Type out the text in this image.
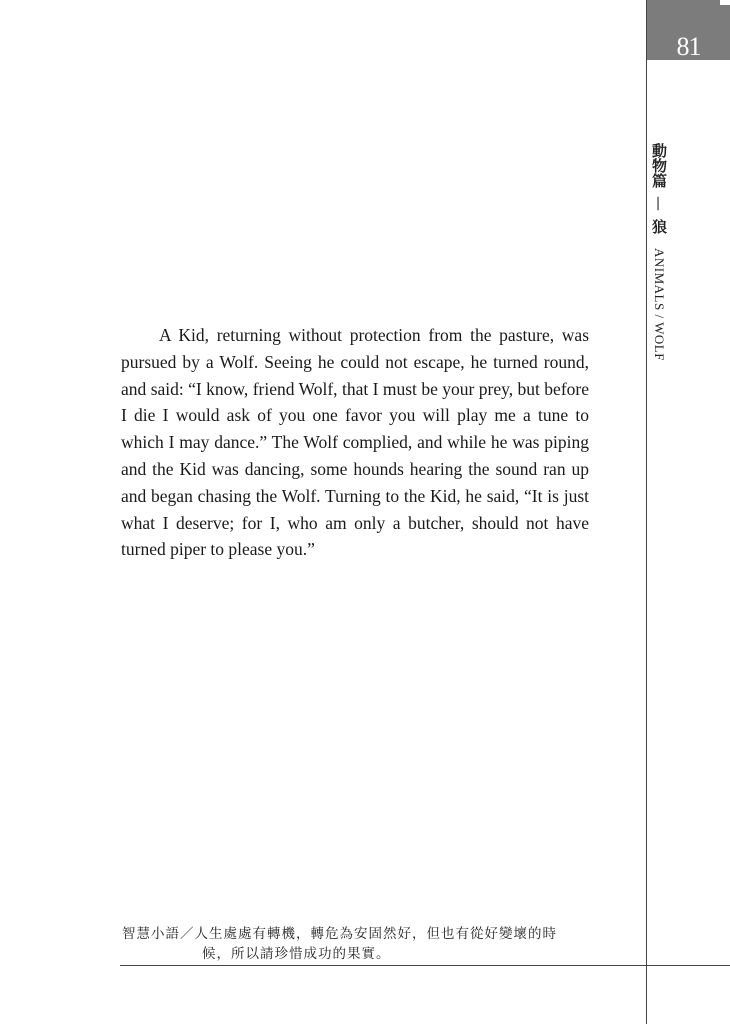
81
動物篇 — 狼 ANIMALS / WOLF

A Kid, returning without protection from the pasture, was pursued by a Wolf. Seeing he could not escape, he turned round, and said: “I know, friend Wolf, that I must be your prey, but before I die I would ask of you one favor you will play me a tune to which I may dance.” The Wolf complied, and while he was piping and the Kid was dancing, some hounds hearing the sound ran up and began chasing the Wolf. Turning to the Kid, he said, “It is just what I deserve; for I, who am only a butcher, should not have turned piper to please you.”

智慧小語／人生處處有轉機，轉危為安固然好，但也有從好變壞的時
候，所以請珍惜成功的果實。
